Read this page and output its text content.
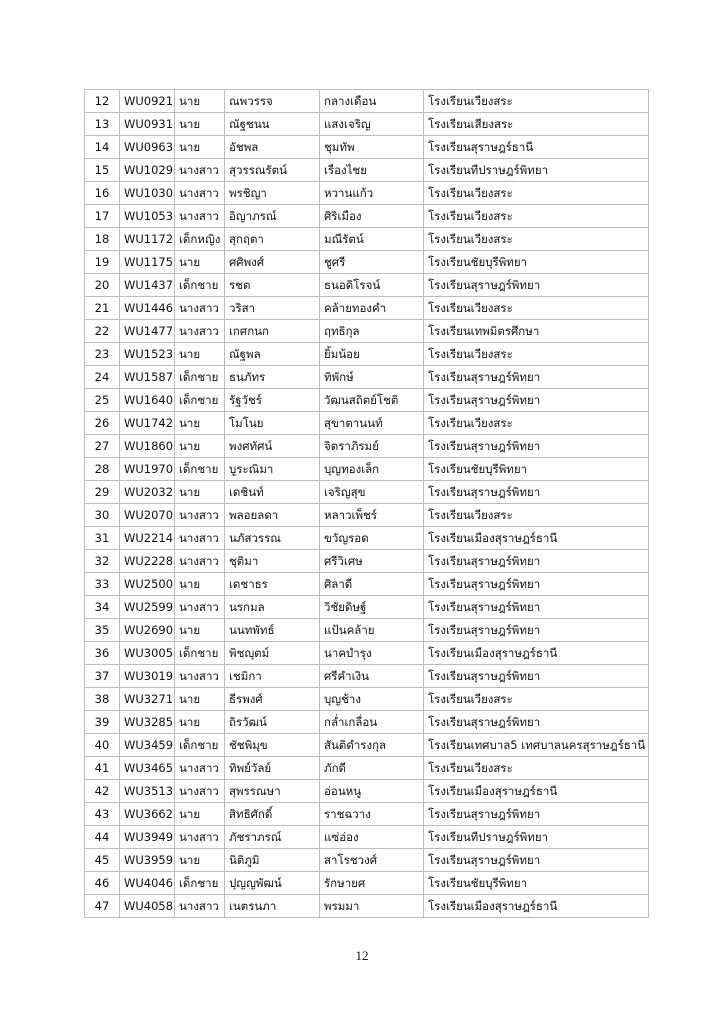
12	WU0921	นาย	ณพวรรจ	กลางเดือน	โรงเรียนเวียงสระ
13	WU0931	นาย	ณัฐชนน	แสงเจริญ	โรงเรียนเสียงสระ
14	WU0963	นาย	อัชพล	ชุมทัพ	โรงเรียนสุราษฎร์ธานี
15	WU1029	นางสาว	สุวรรณรัตน์	เรืองไชย	โรงเรียนทีปราษฎร์พิทยา
16	WU1030	นางสาว	พรชิญา	หวานแก้ว	โรงเรียนเวียงสระ
17	WU1053	นางสาว	อิญาภรณ์	ศิริเมือง	โรงเรียนเวียงสระ
18	WU1172	เด็กหญิง	สุกฤตา	มณีรัตน์	โรงเรียนเวียงสระ
19	WU1175	นาย	ศศิพงศ์	ชูศรี	โรงเรียนชัยบุรีพิทยา
20	WU1437	เด็กชาย	รชต	ธนอดิโรจน์	โรงเรียนสุราษฎร์พิทยา
21	WU1446	นางสาว	วริสา	คล้ายทองคำ	โรงเรียนเวียงสระ
22	WU1477	นางสาว	เกศกนก	ฤทธิกุล	โรงเรียนเทพมิตรศึกษา
23	WU1523	นาย	ณัฐพล	ยิ้มน้อย	โรงเรียนเวียงสระ
24	WU1587	เด็กชาย	ธนภัทร	ทิพักษ์	โรงเรียนสุราษฎร์พิทยา
25	WU1640	เด็กชาย	รัฐวัชร์	วัฒนสถิตย์โชติ	โรงเรียนสุราษฎร์พิทยา
26	WU1742	นาย	โมโนย	สุขาตานนท์	โรงเรียนเวียงสระ
27	WU1860	นาย	พงศทัศน์	จิตราภิรมย์	โรงเรียนสุราษฎร์พิทยา
28	WU1970	เด็กชาย	บูระณิมา	บุญทองเล็ก	โรงเรียนชัยบุรีพิทยา
29	WU2032	นาย	เดชินท์	เจริญสุข	โรงเรียนสุราษฎร์พิทยา
30	WU2070	นางสาว	พลอยลดา	หลาวเพ็ชร์	โรงเรียนเวียงสระ
31	WU2214	นางสาว	นภัสวรรณ	ขวัญรอด	โรงเรียนเมืองสุราษฎร์ธานี
32	WU2228	นางสาว	ชุติมา	ศรีวิเศษ	โรงเรียนสุราษฎร์พิทยา
33	WU2500	นาย	เดชาธร	ศิลาดี	โรงเรียนสุราษฎร์พิทยา
34	WU2599	นางสาว	นรกมล	วิชัยดิษฐ์	โรงเรียนสุราษฎร์พิทยา
35	WU2690	นาย	นนทพัทธ์	แป้นคล้าย	โรงเรียนสุราษฎร์พิทยา
36	WU3005	เด็กชาย	พิชญุตม์	นาคบำรุง	โรงเรียนเมืองสุราษฎร์ธานี
37	WU3019	นางสาว	เชมิกา	ศรีคำเงิน	โรงเรียนสุราษฎร์พิทยา
38	WU3271	นาย	ธีรพงศ์	บุญช้าง	โรงเรียนเวียงสระ
39	WU3285	นาย	ถิรวัฒน์	กล่ำเกลื่อน	โรงเรียนสุราษฎร์พิทยา
40	WU3459	เด็กชาย	ชัชพิมุข	สันติดำรงกุล	โรงเรียนเทศบาล5 เทศบาลนครสุราษฎร์ธานี
41	WU3465	นางสาว	ทิพย์วัลย์	ภักดี	โรงเรียนเวียงสระ
42	WU3513	นางสาว	สุพรรณษา	อ่อนหนู	โรงเรียนเมืองสุราษฎร์ธานี
43	WU3662	นาย	สิทธิศักดิ์	ราชฉวาง	โรงเรียนสุราษฎร์พิทยา
44	WU3949	นางสาว	ภัชราภรณ์	แซ่อ่อง	โรงเรียนทีปราษฎร์พิทยา
45	WU3959	นาย	นิติภูมิ	สาโรชวงศ์	โรงเรียนสุราษฎร์พิทยา
46	WU4046	เด็กชาย	ปุญญพัฒน์	รักษายศ	โรงเรียนชัยบุรีพิทยา
47	WU4058	นางสาว	เนตรนภา	พรมมา	โรงเรียนเมืองสุราษฎร์ธานี
12
